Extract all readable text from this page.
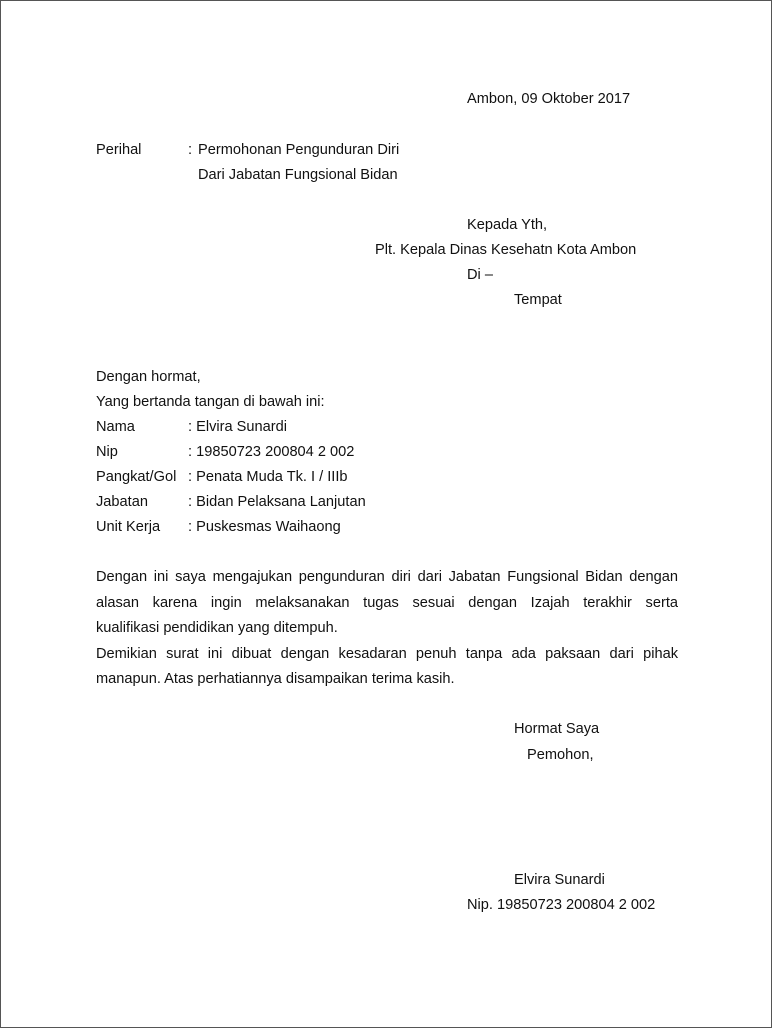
Ambon, 09 Oktober 2017
Perihal	: Permohonan Pengunduran Diri
Dari Jabatan Fungsional Bidan
Kepada Yth,
Plt. Kepala Dinas Kesehatn Kota Ambon
Di –
Tempat
Dengan hormat,
Yang bertanda tangan di bawah ini:
Nama	: Elvira Sunardi
Nip	: 19850723 200804 2 002
Pangkat/Gol : Penata Muda Tk. I / IIIb
Jabatan	: Bidan Pelaksana Lanjutan
Unit Kerja : Puskesmas Waihaong
Dengan ini saya mengajukan pengunduran diri dari Jabatan Fungsional Bidan dengan
alasan karena ingin melaksanakan tugas sesuai dengan Izajah terakhir serta
kualifikasi pendidikan yang ditempuh.
Demikian surat ini dibuat dengan kesadaran penuh tanpa ada paksaan dari pihak
manapun. Atas perhatiannya disampaikan terima kasih.
Hormat Saya
Pemohon,
Elvira Sunardi
Nip. 19850723 200804 2 002
